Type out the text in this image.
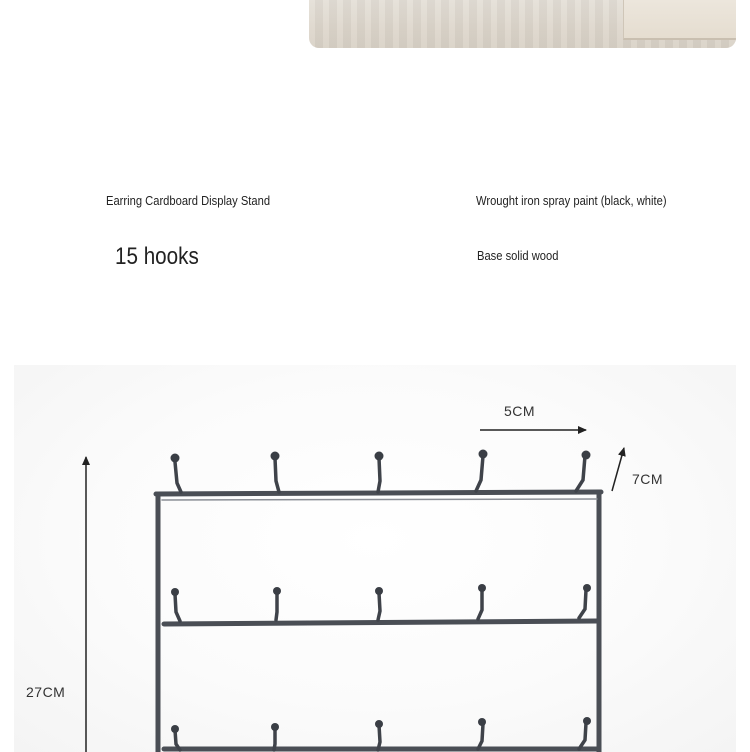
Earring Cardboard Display Stand	Wrought iron spray paint (black, white)
15 hooks	Base solid wood
5CM
7CM
27CM
